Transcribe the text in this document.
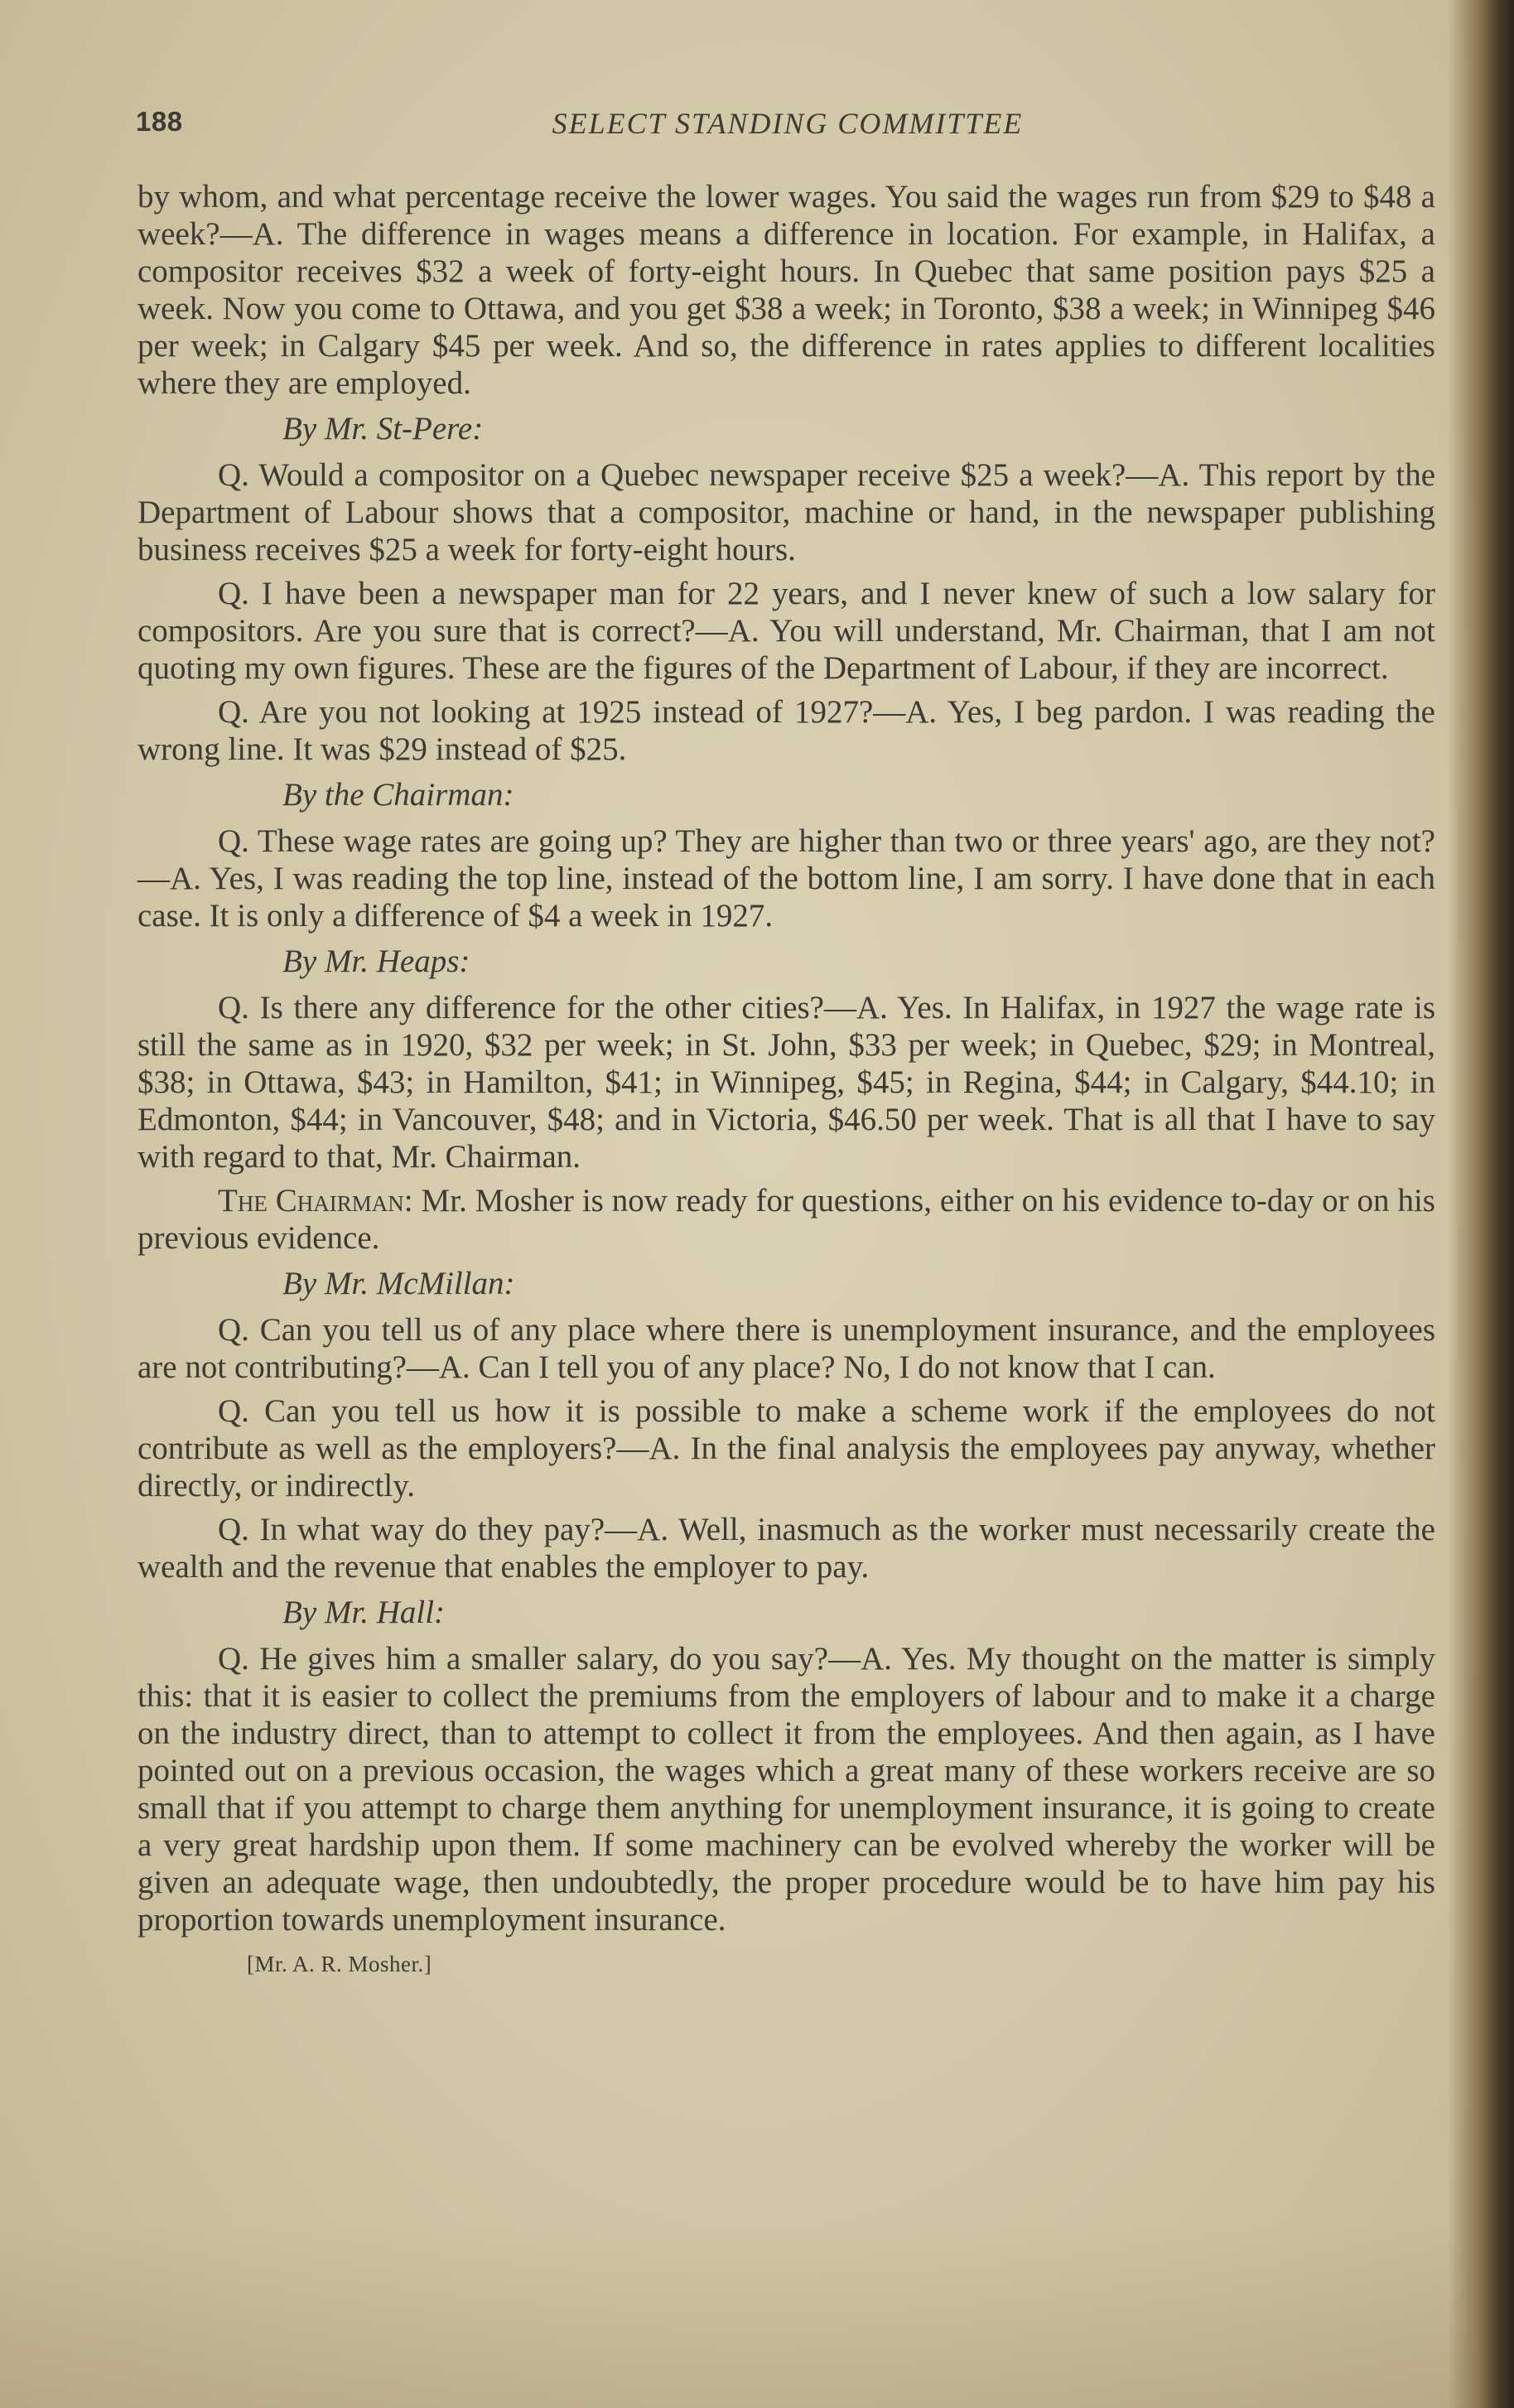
188	SELECT STANDING COMMITTEE

by whom, and what percentage receive the lower wages. You said the wages run from $29 to $48 a week?—A. The difference in wages means a difference in location. For example, in Halifax, a compositor receives $32 a week of forty-eight hours. In Quebec that same position pays $25 a week. Now you come to Ottawa, and you get $38 a week; in Toronto, $38 a week; in Winnipeg $46 per week; in Calgary $45 per week. And so, the difference in rates applies to different localities where they are employed.

By Mr. St-Pere:

Q. Would a compositor on a Quebec newspaper receive $25 a week?—A. This report by the Department of Labour shows that a compositor, machine or hand, in the newspaper publishing business receives $25 a week for forty-eight hours.

Q. I have been a newspaper man for 22 years, and I never knew of such a low salary for compositors. Are you sure that is correct?—A. You will understand, Mr. Chairman, that I am not quoting my own figures. These are the figures of the Department of Labour, if they are incorrect.

Q. Are you not looking at 1925 instead of 1927?—A. Yes, I beg pardon. I was reading the wrong line. It was $29 instead of $25.

By the Chairman:

Q. These wage rates are going up? They are higher than two or three years' ago, are they not?—A. Yes, I was reading the top line, instead of the bottom line, I am sorry. I have done that in each case. It is only a difference of $4 a week in 1927.

By Mr. Heaps:

Q. Is there any difference for the other cities?—A. Yes. In Halifax, in 1927 the wage rate is still the same as in 1920, $32 per week; in St. John, $33 per week; in Quebec, $29; in Montreal, $38; in Ottawa, $43; in Hamilton, $41; in Winnipeg, $45; in Regina, $44; in Calgary, $44.10; in Edmonton, $44; in Vancouver, $48; and in Victoria, $46.50 per week. That is all that I have to say with regard to that, Mr. Chairman.

The Chairman: Mr. Mosher is now ready for questions, either on his evidence to-day or on his previous evidence.

By Mr. McMillan:

Q. Can you tell us of any place where there is unemployment insurance, and the employees are not contributing?—A. Can I tell you of any place? No, I do not know that I can.

Q. Can you tell us how it is possible to make a scheme work if the employees do not contribute as well as the employers?—A. In the final analysis the employees pay anyway, whether directly, or indirectly.

Q. In what way do they pay?—A. Well, inasmuch as the worker must necessarily create the wealth and the revenue that enables the employer to pay.

By Mr. Hall:

Q. He gives him a smaller salary, do you say?—A. Yes. My thought on the matter is simply this: that it is easier to collect the premiums from the employers of labour and to make it a charge on the industry direct, than to attempt to collect it from the employees. And then again, as I have pointed out on a previous occasion, the wages which a great many of these workers receive are so small that if you attempt to charge them anything for unemployment insurance, it is going to create a very great hardship upon them. If some machinery can be evolved whereby the worker will be given an adequate wage, then undoubtedly, the proper procedure would be to have him pay his proportion towards unemployment insurance.

[Mr. A. R. Mosher.]
